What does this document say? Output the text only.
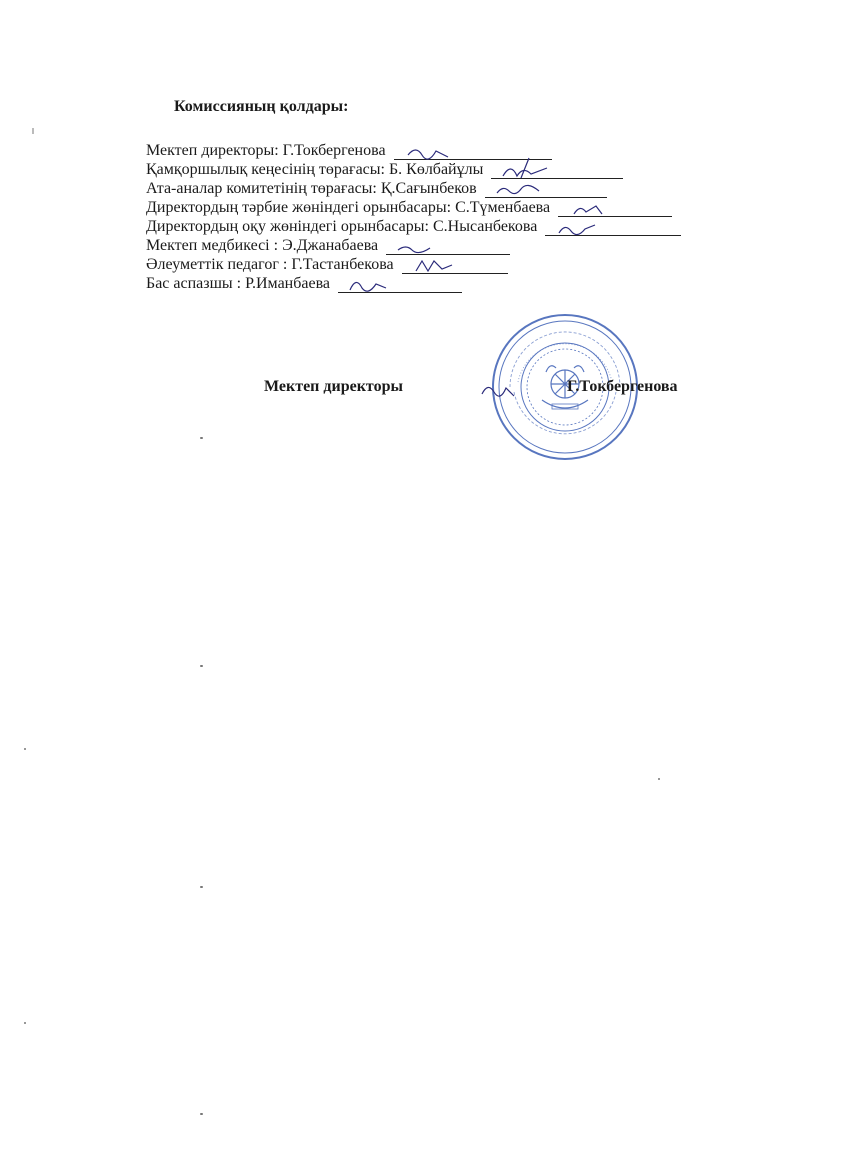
Комиссияның қолдары:
Мектеп директоры: Г.Токбергенова
Қамқоршылық кеңесінің төрағасы: Б. Көлбайұлы
Ата-аналар комитетінің төрағасы: Қ.Сағынбеков
Директордың тәрбие жөніндегі орынбасары: С.Түменбаева
Директордың оқу жөніндегі орынбасары: С.Нысанбекова
Мектеп медбикесі : Э.Джанабаева
Әлеуметтік педагог : Г.Тастанбекова
Бас аспазшы : Р.Иманбаева
Мектеп директоры	Г.Токбергенова
